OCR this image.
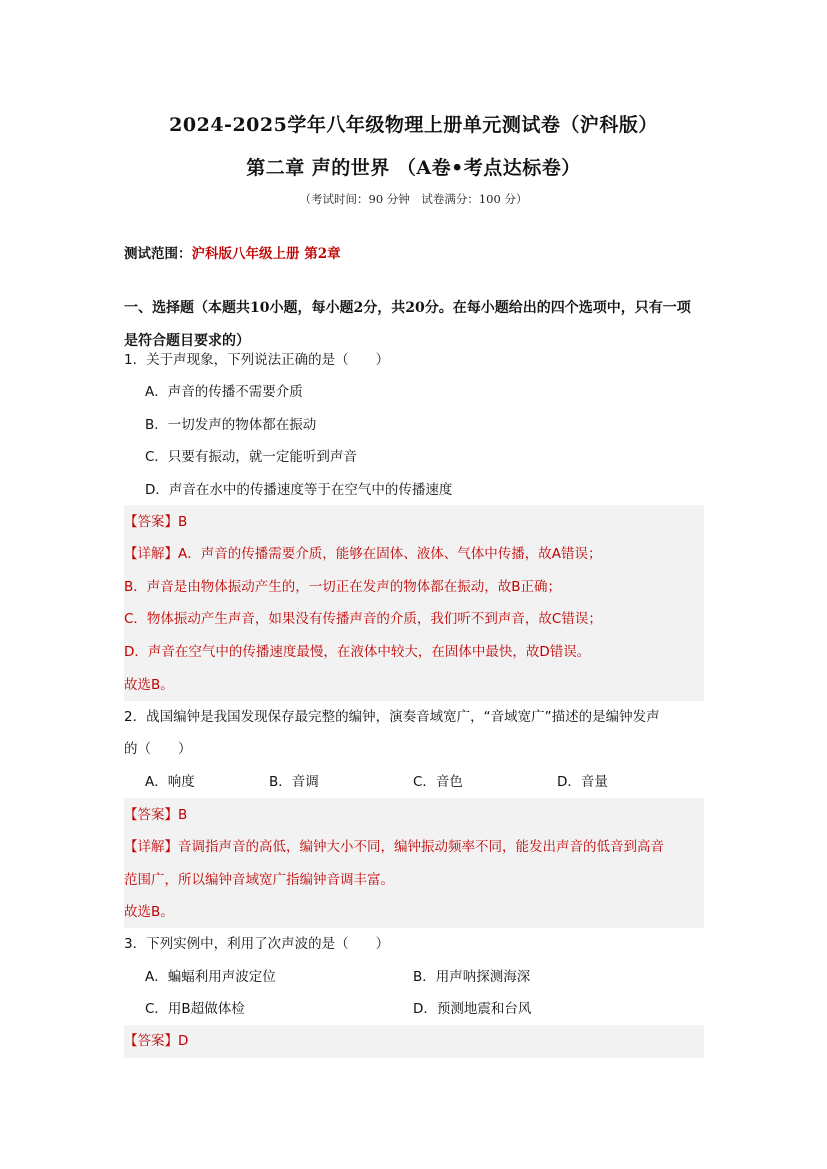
2024-2025学年八年级物理上册单元测试卷（沪科版）
第二章 声的世界 （A卷•考点达标卷）
（考试时间：90 分钟　试卷满分：100 分）
测试范围：沪科版八年级上册 第2章
一、选择题（本题共10小题，每小题2分，共20分。在每小题给出的四个选项中，只有一项是符合题目要求的）
1．关于声现象，下列说法正确的是（　　）
A．声音的传播不需要介质
B．一切发声的物体都在振动
C．只要有振动，就一定能听到声音
D．声音在水中的传播速度等于在空气中的传播速度
【答案】B
【详解】A．声音的传播需要介质，能够在固体、液体、气体中传播，故A错误；
B．声音是由物体振动产生的，一切正在发声的物体都在振动，故B正确；
C．物体振动产生声音，如果没有传播声音的介质，我们听不到声音，故C错误；
D．声音在空气中的传播速度最慢，在液体中较大，在固体中最快，故D错误。
故选B。
2．战国编钟是我国发现保存最完整的编钟，演奏音域宽广，“音域宽广”描述的是编钟发声
的（　　）
A．响度	B．音调	C．音色	D．音量
【答案】B
【详解】音调指声音的高低，编钟大小不同，编钟振动频率不同，能发出声音的低音到高音
范围广，所以编钟音域宽广指编钟音调丰富。
故选B。
3．下列实例中，利用了次声波的是（　　）
A．蝙蝠利用声波定位	B．用声呐探测海深
C．用B超做体检	D．预测地震和台风
【答案】D
